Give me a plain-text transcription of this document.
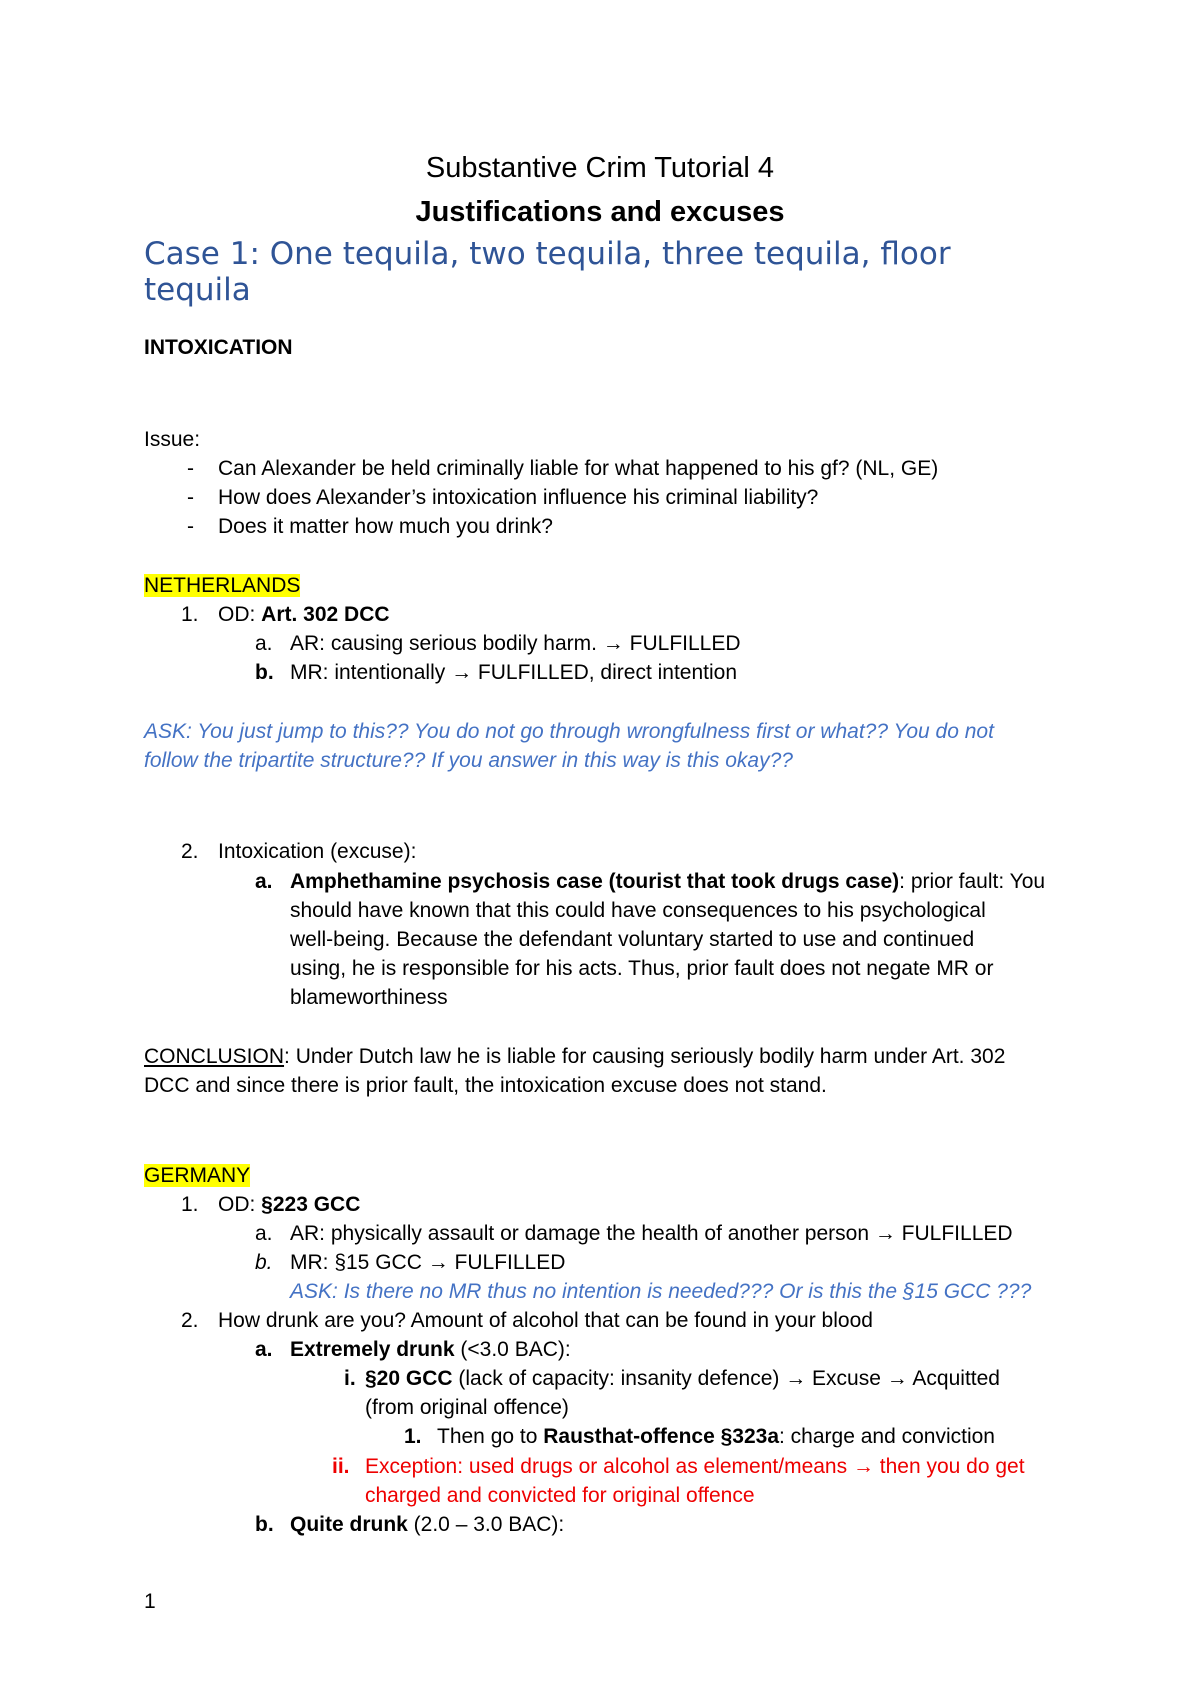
Substantive Crim Tutorial 4
Justifications and excuses
Case 1: One tequila, two tequila, three tequila, floor
tequila
INTOXICATION
Issue:
- Can Alexander be held criminally liable for what happened to his gf? (NL, GE)
- How does Alexander’s intoxication influence his criminal liability?
- Does it matter how much you drink?
NETHERLANDS
1. OD: Art. 302 DCC
a. AR: causing serious bodily harm. → FULFILLED
b. MR: intentionally → FULFILLED, direct intention
ASK: You just jump to this?? You do not go through wrongfulness first or what?? You do not
follow the tripartite structure?? If you answer in this way is this okay??
2. Intoxication (excuse):
a. Amphethamine psychosis case (tourist that took drugs case): prior fault: You
should have known that this could have consequences to his psychological
well-being. Because the defendant voluntary started to use and continued
using, he is responsible for his acts. Thus, prior fault does not negate MR or
blameworthiness
CONCLUSION: Under Dutch law he is liable for causing seriously bodily harm under Art. 302
DCC and since there is prior fault, the intoxication excuse does not stand.
GERMANY
1. OD: §223 GCC
a. AR: physically assault or damage the health of another person → FULFILLED
b. MR: §15 GCC → FULFILLED
ASK: Is there no MR thus no intention is needed??? Or is this the §15 GCC ???
2. How drunk are you? Amount of alcohol that can be found in your blood
a. Extremely drunk (<3.0 BAC):
i. §20 GCC (lack of capacity: insanity defence) → Excuse → Acquitted
(from original offence)
1. Then go to Rausthat-offence §323a: charge and conviction
ii. Exception: used drugs or alcohol as element/means → then you do get
charged and convicted for original offence
b. Quite drunk (2.0 – 3.0 BAC):
1
